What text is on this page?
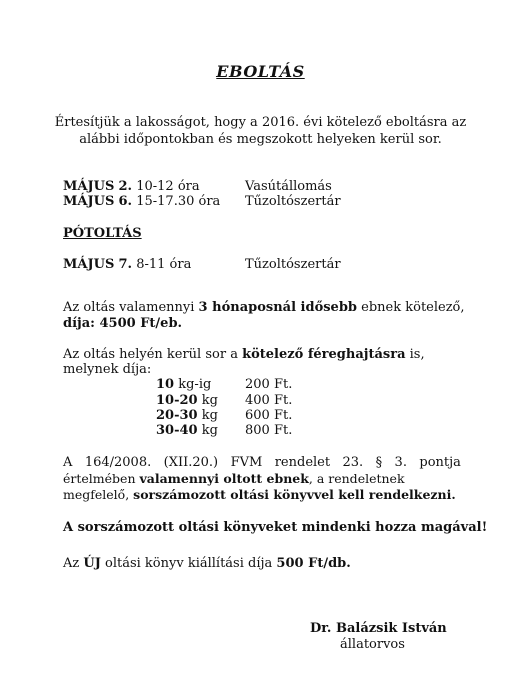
EBOLTÁS
Értesítjük a lakosságot, hogy a 2016. évi kötelező eboltásra az
alábbi időpontokban és megszokott helyeken kerül sor.
MÁJUS 2. 10-12 óra	Vasútállomás
MÁJUS 6. 15-17.30 óra Tűzoltószertár
PÓTOLTÁS
MÁJUS 7. 8-11 óra	Tűzoltószertár
Az oltás valamennyi 3 hónaposnál idősebb ebnek kötelező,
díja: 4500 Ft/eb.
Az oltás helyén kerül sor a kötelező féreghajtásra is,
melynek díja:
10 kg-ig	200 Ft.
10-20 kg 400 Ft.
20-30 kg 600 Ft.
30-40 kg 800 Ft.
A 164/2008. (XII.20.) FVM rendelet 23. § 3. pontja
értelmében valamennyi oltott ebnek, a rendeletnek
megfelelő, sorszámozott oltási könyvvel kell rendelkezni.
A sorszámozott oltási könyveket mindenki hozza magával!
Az ÚJ oltási könyv kiállítási díja 500 Ft/db.
Dr. Balázsik István
állatorvos
